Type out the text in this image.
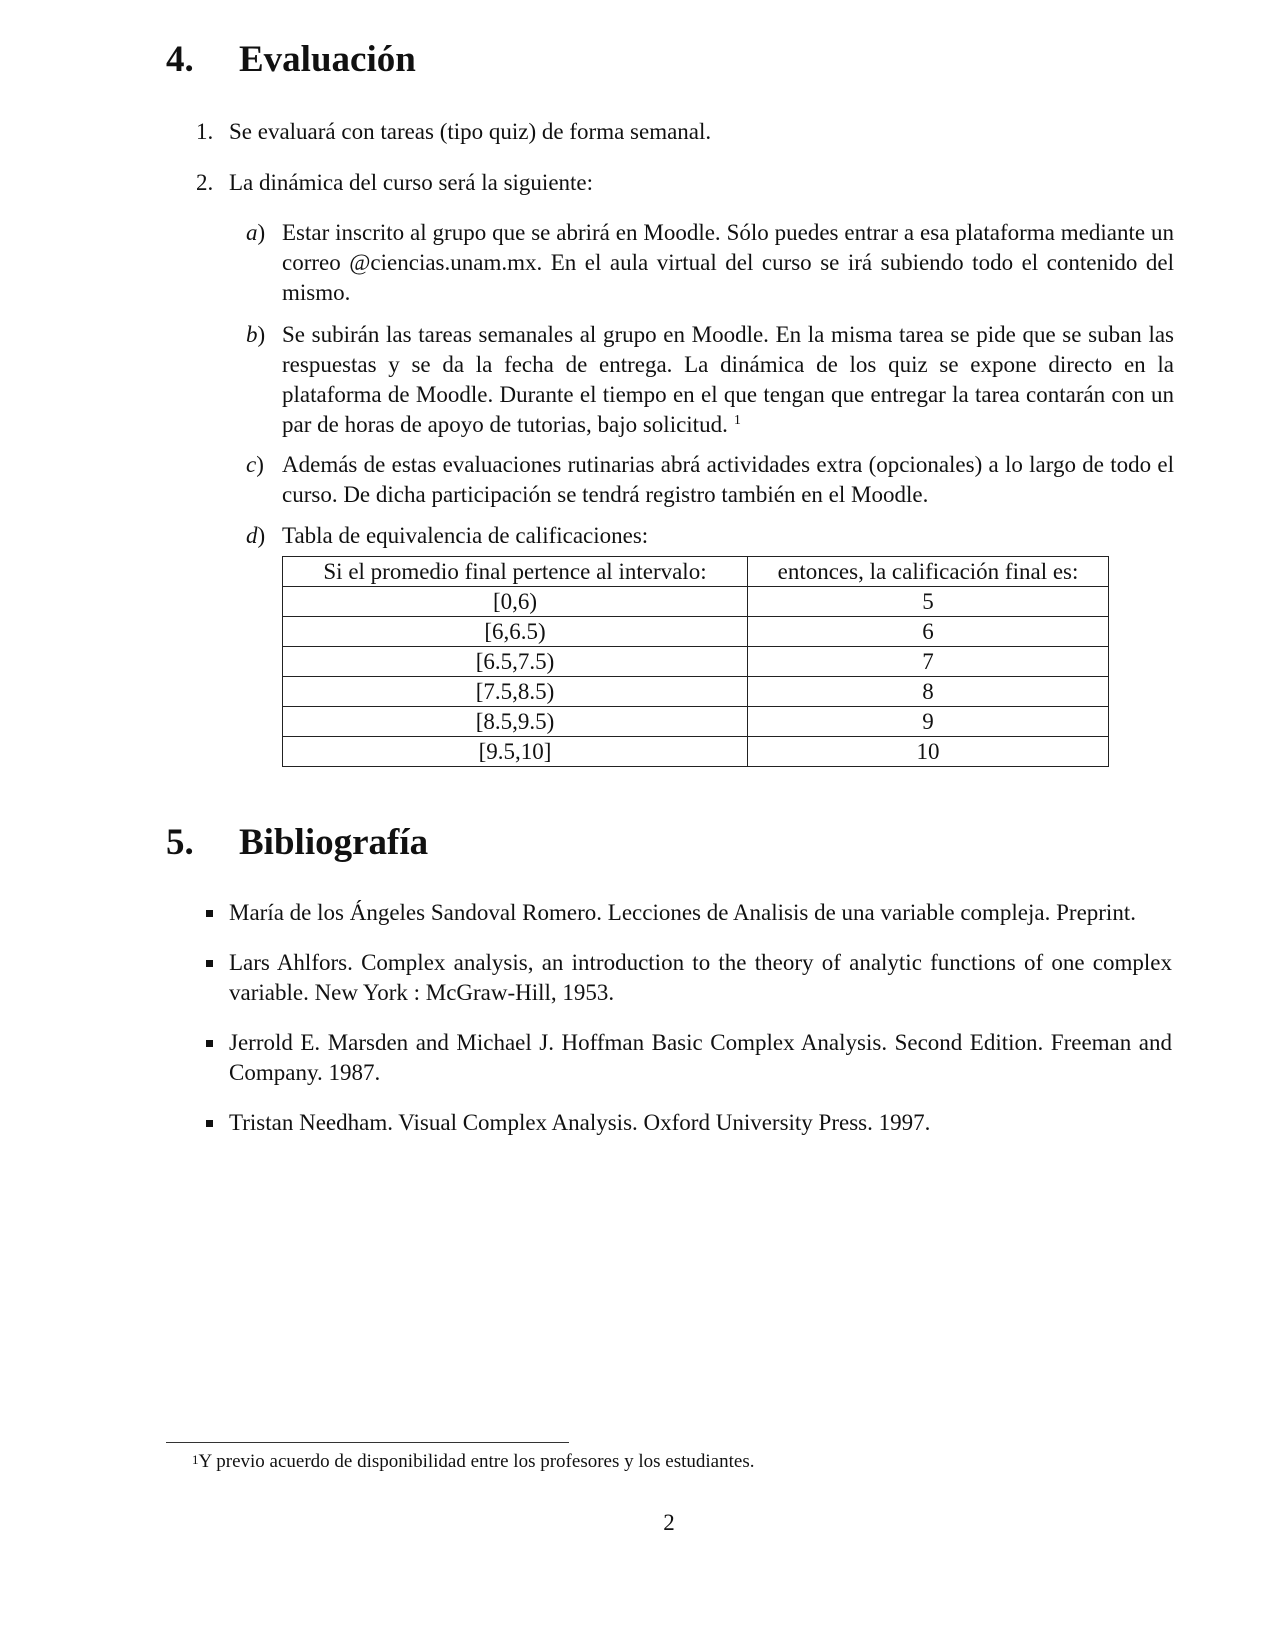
4. Evaluación
1. Se evaluará con tareas (tipo quiz) de forma semanal.
2. La dinámica del curso será la siguiente:
a) Estar inscrito al grupo que se abrirá en Moodle. Sólo puedes entrar a esa plataforma mediante un correo @ciencias.unam.mx. En el aula virtual del curso se irá subiendo todo el contenido del mismo.
b) Se subirán las tareas semanales al grupo en Moodle. En la misma tarea se pide que se suban las respuestas y se da la fecha de entrega. La dinámica de los quiz se expone directo en la plataforma de Moodle. Durante el tiempo en el que tengan que entregar la tarea contarán con un par de horas de apoyo de tutorias, bajo solicitud. $^1$
c) Además de estas evaluaciones rutinarias abrá actividades extra (opcionales) a lo largo de todo el curso. De dicha participación se tendrá registro también en el Moodle.
d) Tabla de equivalencia de calificaciones:
Si el promedio final pertence al intervalo:	entonces, la calificación final es:
[0,6)	5
[6,6.5)	6
[6.5,7.5)	7
[7.5,8.5)	8
[8.5,9.5)	9
[9.5,10]	10
5. Bibliografía
María de los Ángeles Sandoval Romero. Lecciones de Analisis de una variable compleja. Preprint.
Lars Ahlfors. Complex analysis, an introduction to the theory of analytic functions of one complex variable. New York : McGraw-Hill, 1953.
Jerrold E. Marsden and Michael J. Hoffman Basic Complex Analysis. Second Edition. Freeman and Company. 1987.
Tristan Needham. Visual Complex Analysis. Oxford University Press. 1997.
$^1$Y previo acuerdo de disponibilidad entre los profesores y los estudiantes.
2
